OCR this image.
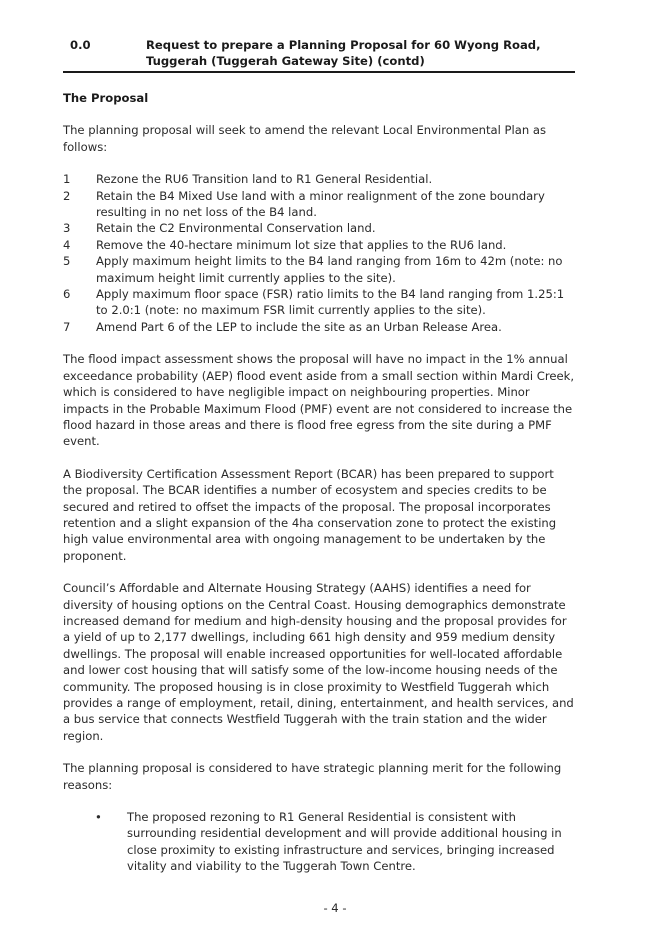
0.0	Request to prepare a Planning Proposal for 60 Wyong Road, Tuggerah (Tuggerah Gateway Site) (contd)

The Proposal

The planning proposal will seek to amend the relevant Local Environmental Plan as follows:

1 Rezone the RU6 Transition land to R1 General Residential.
2 Retain the B4 Mixed Use land with a minor realignment of the zone boundary resulting in no net loss of the B4 land.
3 Retain the C2 Environmental Conservation land.
4 Remove the 40-hectare minimum lot size that applies to the RU6 land.
5 Apply maximum height limits to the B4 land ranging from 16m to 42m (note: no maximum height limit currently applies to the site).
6 Apply maximum floor space (FSR) ratio limits to the B4 land ranging from 1.25:1 to 2.0:1 (note: no maximum FSR limit currently applies to the site).
7 Amend Part 6 of the LEP to include the site as an Urban Release Area.

The flood impact assessment shows the proposal will have no impact in the 1% annual exceedance probability (AEP) flood event aside from a small section within Mardi Creek, which is considered to have negligible impact on neighbouring properties. Minor impacts in the Probable Maximum Flood (PMF) event are not considered to increase the flood hazard in those areas and there is flood free egress from the site during a PMF event.

A Biodiversity Certification Assessment Report (BCAR) has been prepared to support the proposal. The BCAR identifies a number of ecosystem and species credits to be secured and retired to offset the impacts of the proposal. The proposal incorporates retention and a slight expansion of the 4ha conservation zone to protect the existing high value environmental area with ongoing management to be undertaken by the proponent.

Council’s Affordable and Alternate Housing Strategy (AAHS) identifies a need for diversity of housing options on the Central Coast. Housing demographics demonstrate increased demand for medium and high-density housing and the proposal provides for a yield of up to 2,177 dwellings, including 661 high density and 959 medium density dwellings. The proposal will enable increased opportunities for well-located affordable and lower cost housing that will satisfy some of the low-income housing needs of the community. The proposed housing is in close proximity to Westfield Tuggerah which provides a range of employment, retail, dining, entertainment, and health services, and a bus service that connects Westfield Tuggerah with the train station and the wider region.

The planning proposal is considered to have strategic planning merit for the following reasons:

• The proposed rezoning to R1 General Residential is consistent with surrounding residential development and will provide additional housing in close proximity to existing infrastructure and services, bringing increased vitality and viability to the Tuggerah Town Centre.
- 4 -
